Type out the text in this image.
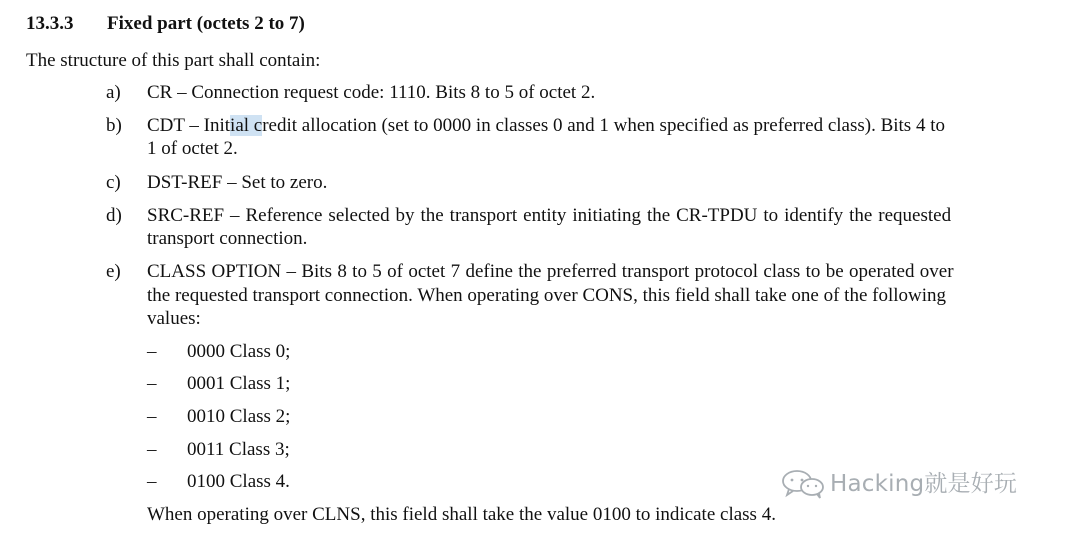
13.3.3 Fixed part (octets 2 to 7)
The structure of this part shall contain:
a)	CR – Connection request code: 1110. Bits 8 to 5 of octet 2.
b)	CDT – Initial credit allocation (set to 0000 in classes 0 and 1 when specified as preferred class). Bits 4 to
1 of octet 2.
c)	DST-REF – Set to zero.
d)	SRC-REF – Reference selected by the transport entity initiating the CR-TPDU to identify the requested
transport connection.
e)	CLASS OPTION – Bits 8 to 5 of octet 7 define the preferred transport protocol class to be operated over
the requested transport connection. When operating over CONS, this field shall take one of the following
values:
–	0000 Class 0;
–	0001 Class 1;
–	0010 Class 2;
–	0011 Class 3;
–	0100 Class 4.
When operating over CLNS, this field shall take the value 0100 to indicate class 4.
Hacking就是好玩
